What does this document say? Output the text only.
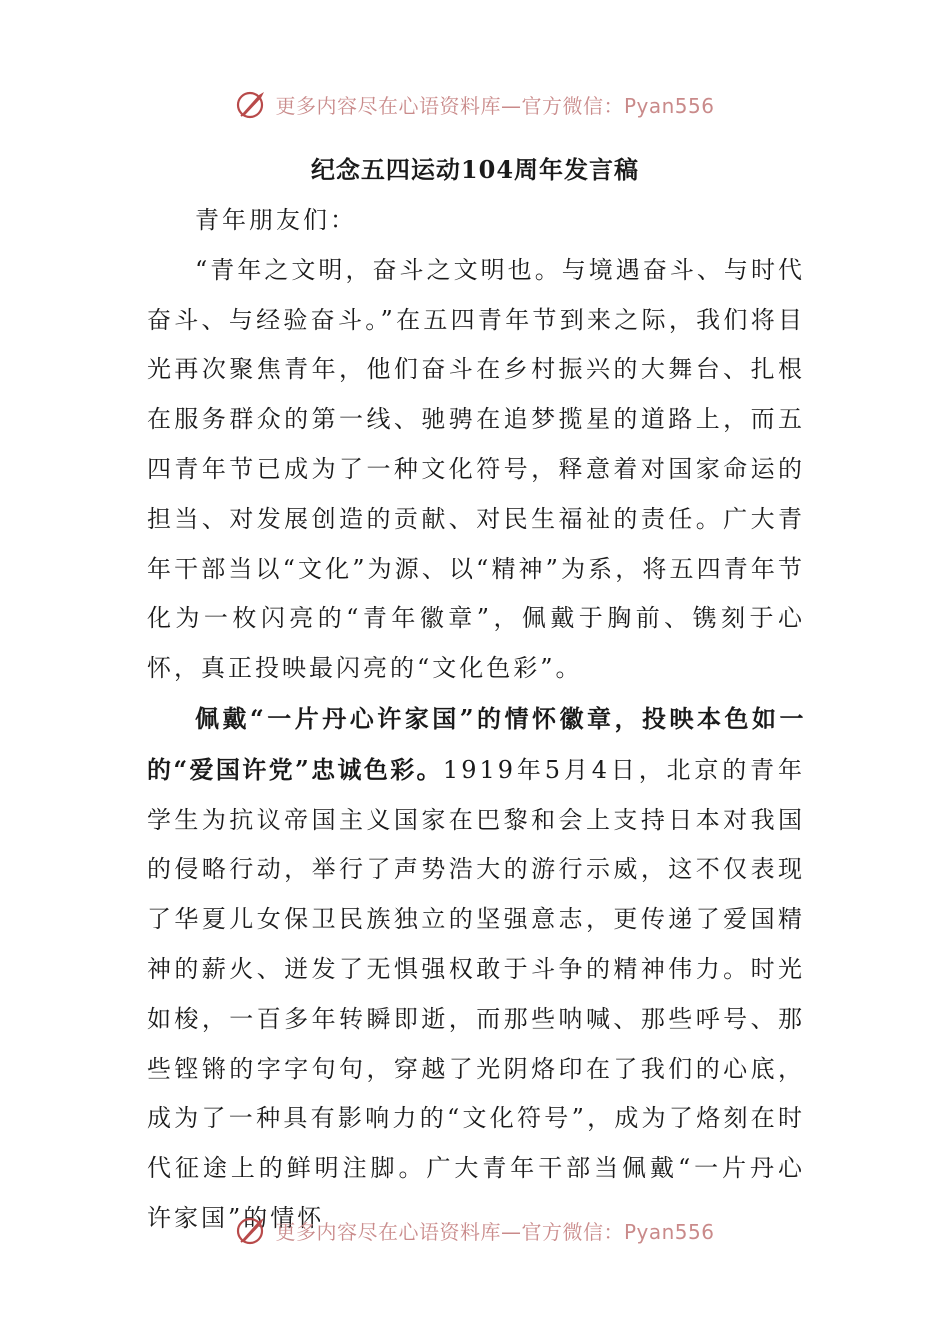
更多内容尽在心语资料库—官方微信：Pyan556
纪念五四运动104周年发言稿

青年朋友们：

“青年之文明，奋斗之文明也。与境遇奋斗、与时代奋斗、与经验奋斗。”在五四青年节到来之际，我们将目光再次聚焦青年，他们奋斗在乡村振兴的大舞台、扎根在服务群众的第一线、驰骋在追梦揽星的道路上，而五四青年节已成为了一种文化符号，释意着对国家命运的担当、对发展创造的贡献、对民生福祉的责任。广大青年干部当以“文化”为源、以“精神”为系，将五四青年节化为一枚闪亮的“青年徽章”，佩戴于胸前、镌刻于心怀，真正投映最闪亮的“文化色彩”。

佩戴“一片丹心许家国”的情怀徽章，投映本色如一的“爱国许党”忠诚色彩。1919年5月4日，北京的青年学生为抗议帝国主义国家在巴黎和会上支持日本对我国的侵略行动，举行了声势浩大的游行示威，这不仅表现了华夏儿女保卫民族独立的坚强意志，更传递了爱国精神的薪火、迸发了无惧强权敢于斗争的精神伟力。时光如梭，一百多年转瞬即逝，而那些呐喊、那些呼号、那些铿锵的字字句句，穿越了光阴烙印在了我们的心底，成为了一种具有影响力的“文化符号”，成为了烙刻在时代征途上的鲜明注脚。广大青年干部当佩戴“一片丹心许家国”的情怀

更多内容尽在心语资料库—官方微信：Pyan556
